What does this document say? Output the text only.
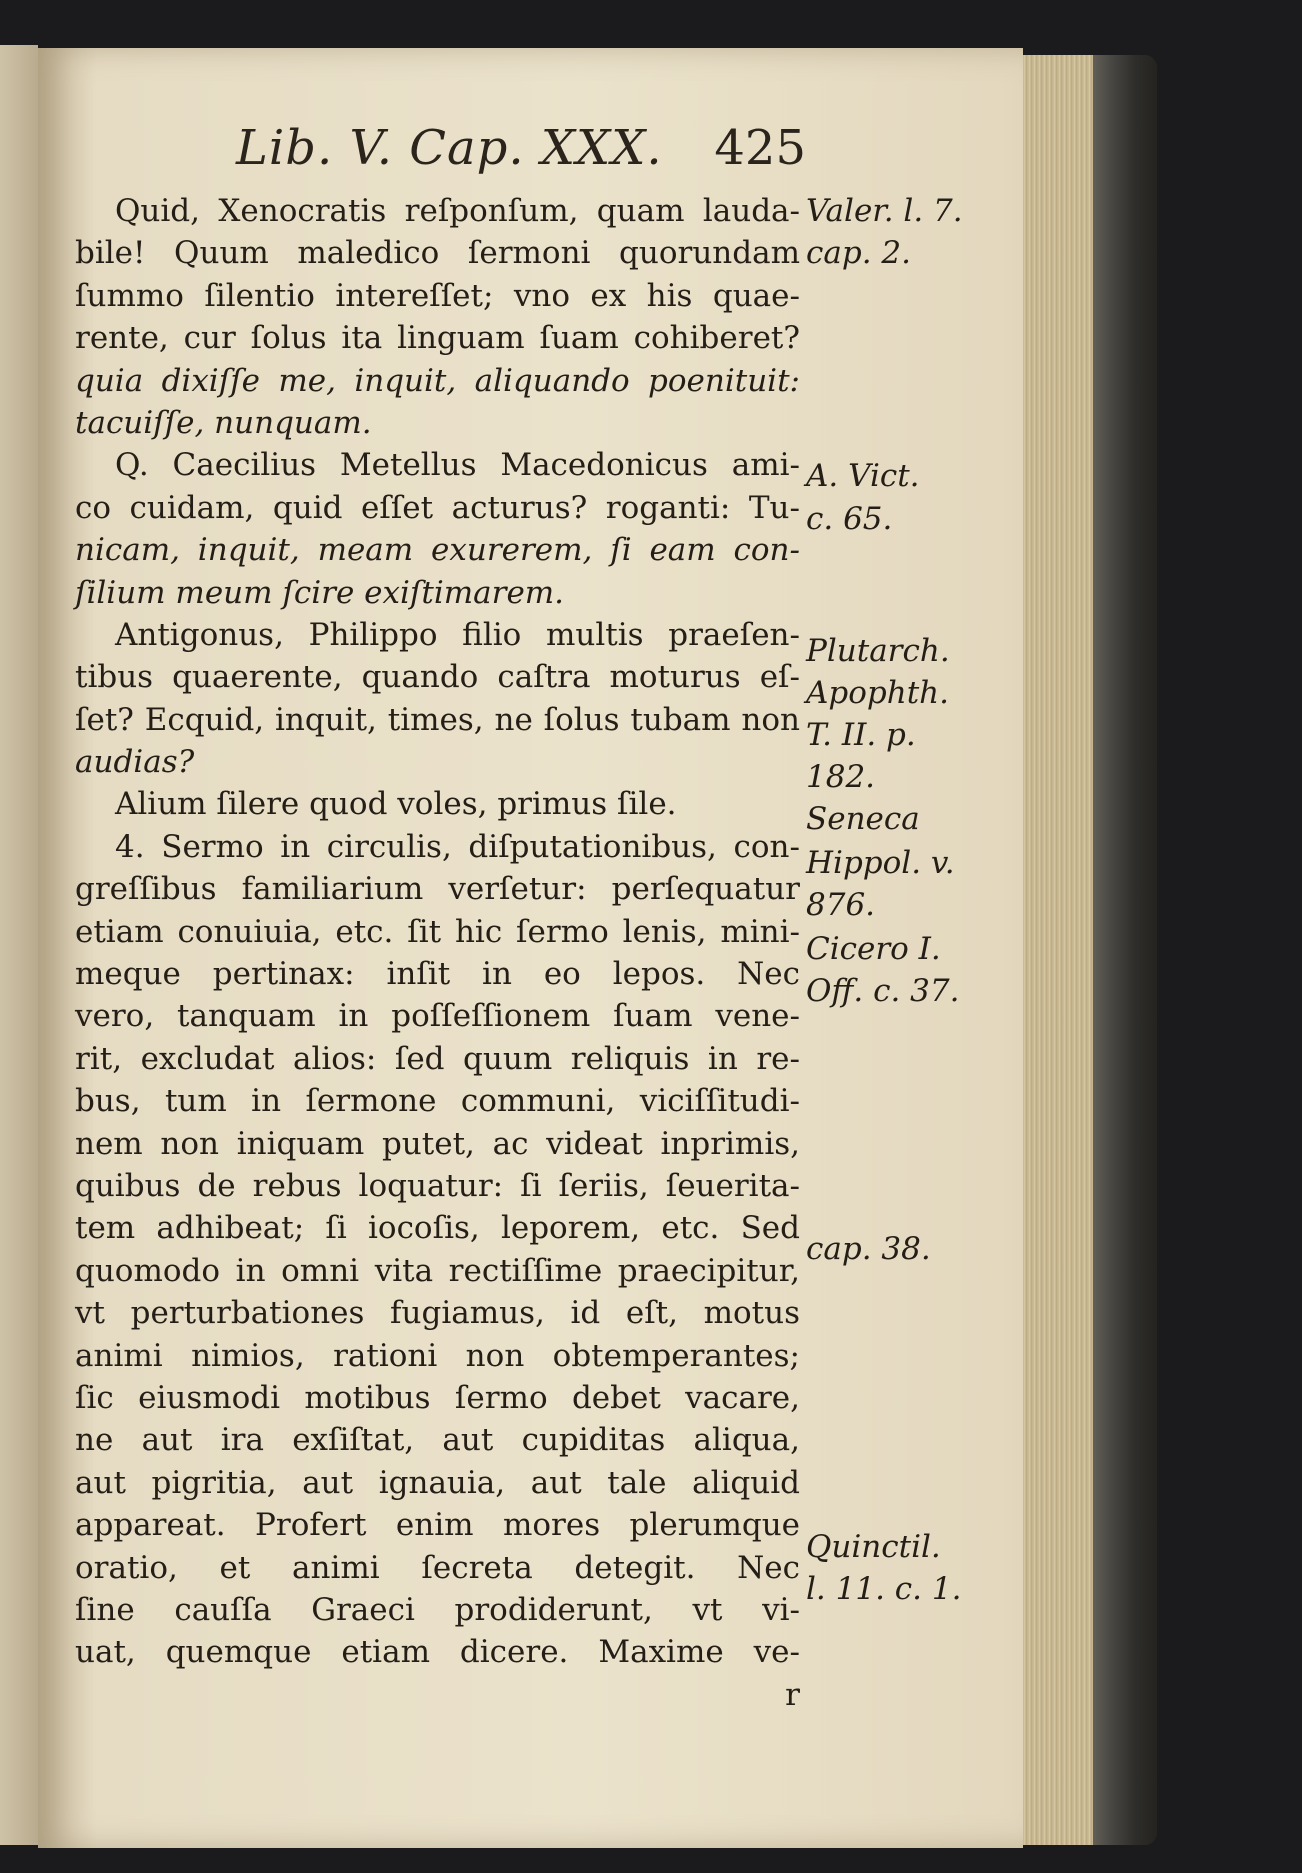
Lib. V. Cap. XXX. 425
Quid, Xenocratis reſponſum, quam lauda-
bile! Quum maledico ſermoni quorundam
ſummo ſilentio intereſſet; vno ex his quae-
rente, cur ſolus ita linguam ſuam cohiberet?
quia dixiſſe me, inquit, aliquando poenituit:
tacuiſſe, nunquam.
Q. Caecilius Metellus Macedonicus ami-
co cuidam, quid eſſet acturus? roganti: Tu-
nicam, inquit, meam exurerem, ſi eam con-
ſilium meum ſcire exiſtimarem.
Antigonus, Philippo filio multis praeſen-
tibus quaerente, quando caſtra moturus eſ-
ſet? Ecquid, inquit, times, ne ſolus tubam non
audias?
Alium ſilere quod voles, primus ſile.
4. Sermo in circulis, diſputationibus, con-
greſſibus familiarium verſetur: perſequatur
etiam conuiuia, etc. ſit hic ſermo lenis, mini-
meque pertinax: inſit in eo lepos. Nec
vero, tanquam in poſſeſſionem ſuam vene-
rit, excludat alios: ſed quum reliquis in re-
bus, tum in ſermone communi, viciſſitudi-
nem non iniquam putet, ac videat inprimis,
quibus de rebus loquatur: ſi ſeriis, ſeuerita-
tem adhibeat; ſi iocoſis, leporem, etc. Sed
quomodo in omni vita rectiſſime praecipitur,
vt perturbationes fugiamus, id eſt, motus
animi nimios, rationi non obtemperantes;
ſic eiusmodi motibus ſermo debet vacare,
ne aut ira exſiſtat, aut cupiditas aliqua,
aut pigritia, aut ignauia, aut tale aliquid
appareat. Profert enim mores plerumque
oratio, et animi ſecreta detegit. Nec
ſine cauſſa Graeci prodiderunt, vt vi-
uat, quemque etiam dicere. Maxime ve-
r
Valer. l. 7.
cap. 2.
A. Vict.
c. 65.
Plutarch.
Apophth.
T. II. p.
182.
Seneca
Hippol. v.
876.
Cicero I.
Off. c. 37.
cap. 38.
Quinctil.
l. 11. c. 1.
